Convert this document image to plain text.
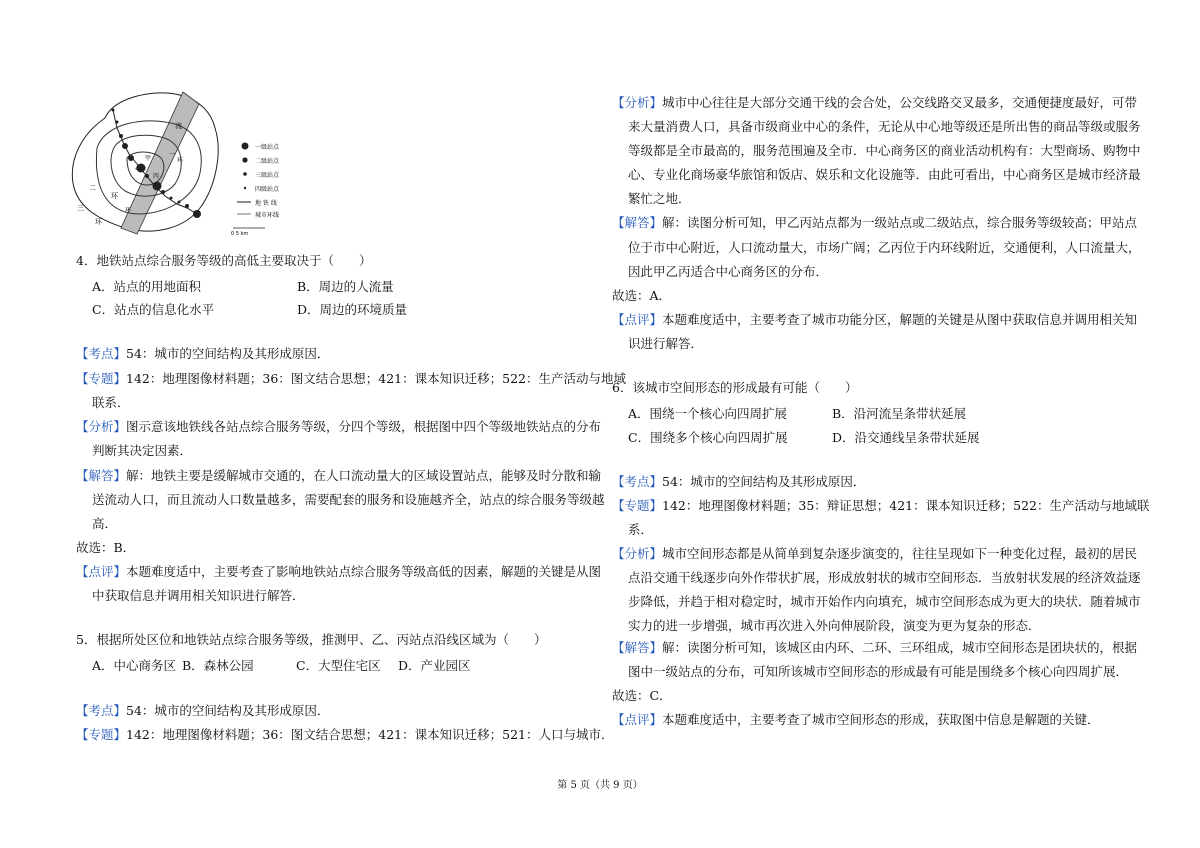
流
一
甲
乙
丙
二
三
环
环
环
环
一级站点
二级站点
三级站点
四级站点
地 铁 线
城市环线
0 5 km
4．地铁站点综合服务等级的高低主要取决于（　　）
A．站点的用地面积	B．周边的人流量
C．站点的信息化水平	D．周边的环境质量
【考点】54：城市的空间结构及其形成原因．
【专题】142：地理图像材料题；36：图文结合思想；421：课本知识迁移；522：生产活动与地域
联系．
【分析】图示意该地铁线各站点综合服务等级，分四个等级，根据图中四个等级地铁站点的分布
判断其决定因素．
【解答】解：地铁主要是缓解城市交通的，在人口流动量大的区域设置站点，能够及时分散和输
送流动人口，而且流动人口数量越多，需要配套的服务和设施越齐全，站点的综合服务等级越
高．
故选：B．
【点评】本题难度适中，主要考查了影响地铁站点综合服务等级高低的因素，解题的关键是从图
中获取信息并调用相关知识进行解答．
5．根据所处区位和地铁站点综合服务等级，推测甲、乙、丙站点沿线区域为（　　）
A．中心商务区 B．森林公园	C．大型住宅区 D．产业园区
【考点】54：城市的空间结构及其形成原因．
【专题】142：地理图像材料题；36：图文结合思想；421：课本知识迁移；521：人口与城市．
【分析】城市中心往往是大部分交通干线的会合处，公交线路交叉最多，交通便捷度最好，可带
来大量消费人口，具备市级商业中心的条件，无论从中心地等级还是所出售的商品等级或服务
等级都是全市最高的，服务范围遍及全市．中心商务区的商业活动机构有：大型商场、购物中
心、专业化商场豪华旅馆和饭店、娱乐和文化设施等．由此可看出，中心商务区是城市经济最
繁忙之地．
【解答】解：读图分析可知，甲乙丙站点都为一级站点或二级站点，综合服务等级较高；甲站点
位于市中心附近，人口流动量大，市场广阔；乙丙位于内环线附近，交通便利，人口流量大，
因此甲乙丙适合中心商务区的分布．
故选：A．
【点评】本题难度适中，主要考查了城市功能分区，解题的关键是从图中获取信息并调用相关知
识进行解答．
6．该城市空间形态的形成最有可能（　　）
A．围绕一个核心向四周扩展	B．沿河流呈条带状延展
C．围绕多个核心向四周扩展	D．沿交通线呈条带状延展
【考点】54：城市的空间结构及其形成原因．
【专题】142：地理图像材料题；35：辩证思想；421：课本知识迁移；522：生产活动与地域联
系．
【分析】城市空间形态都是从简单到复杂逐步演变的，往往呈现如下一种变化过程，最初的居民
点沿交通干线逐步向外作带状扩展，形成放射状的城市空间形态．当放射状发展的经济效益逐
步降低，并趋于相对稳定时，城市开始作内向填充，城市空间形态成为更大的块状．随着城市
实力的进一步增强，城市再次进入外向伸展阶段，演变为更为复杂的形态．
【解答】解：读图分析可知，该城区由内环、二环、三环组成，城市空间形态是团块状的，根据
图中一级站点的分布，可知所该城市空间形态的形成最有可能是围绕多个核心向四周扩展．
故选：C．
【点评】本题难度适中，主要考查了城市空间形态的形成，获取图中信息是解题的关键．
第 5 页（共 9 页）
